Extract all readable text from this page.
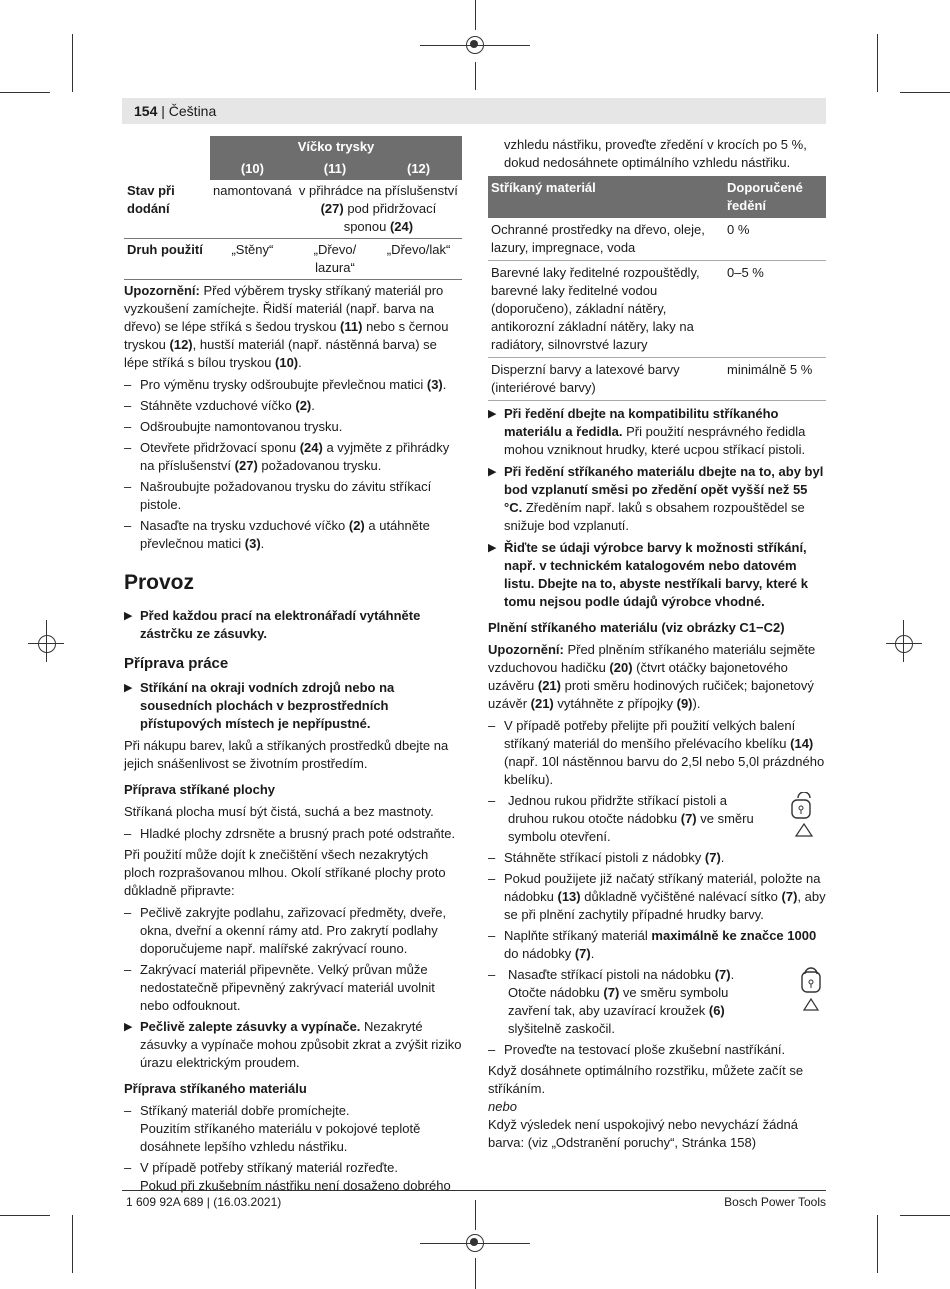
154 | Čeština
	Víčko trysky		
	(10)	(11)	(12)
Stav při dodání	namontovaná	v přihrádce na příslušenství (27) pod přidržovací sponou (24)	
Druh použití	„Stěny“	„Dřevo/ lazura“	„Dřevo/lak“

Upozornění: Před výběrem trysky stříkaný materiál pro vyzkoušení zamíchejte. Řidší materiál (např. barva na dřevo) se lépe stříká s šedou tryskou (11) nebo s černou tryskou (12), hustší materiál (např. nástěnná barva) se lépe stříká s bílou tryskou (10).

– Pro výměnu trysky odšroubujte převlečnou matici (3).
– Stáhněte vzduchové víčko (2).
– Odšroubujte namontovanou trysku.
– Otevřete přidržovací sponu (24) a vyjměte z přihrádky na příslušenství (27) požadovanou trysku.
– Našroubujte požadovanou trysku do závitu stříkací pistole.
– Nasaďte na trysku vzduchové víčko (2) a utáhněte převlečnou matici (3).
Provoz
▶ Před každou prací na elektronářadí vytáhněte zástrčku ze zásuvky.
Příprava práce
▶ Stříkání na okraji vodních zdrojů nebo na sousedních plochách v bezprostředních přístupových místech je nepřípustné.

Při nákupu barev, laků a stříkaných prostředků dbejte na jejich snášenlivost se životním prostředím.

Příprava stříkané plochy

Stříkaná plocha musí být čistá, suchá a bez mastnoty.

– Hladké plochy zdrsněte a brusný prach poté odstraňte.

Při použití může dojít k znečištění všech nezakrytých ploch rozprašovanou mlhou. Okolí stříkané plochy proto důkladně připravte:

– Pečlivě zakryjte podlahu, zařizovací předměty, dveře, okna, dveřní a okenní rámy atd. Pro zakrytí podlahy doporučujeme např. malířské zakrývací rouno.
– Zakrývací materiál připevněte. Velký průvan může nedostatečně připevněný zakrývací materiál uvolnit nebo odfouknout.
▶ Pečlivě zalepte zásuvky a vypínače. Nezakryté zásuvky a vypínače mohou způsobit zkrat a zvýšit riziko úrazu elektrickým proudem.
Příprava stříkaného materiálu
– Stříkaný materiál dobře promíchejte.
Pouzitím stříkaného materiálu v pokojové teplotě dosáhnete lepšího vzhledu nástřiku.
– V případě potřeby stříkaný materiál rozřeďte.
Pokud při zkušebním nástřiku není dosaženo dobrého

vzhledu nástřiku, proveďte zředění v krocích po 5 %, dokud nedosáhnete optimálního vzhledu nástřiku.

Stříkaný materiál	Doporučené ředění
Ochranné prostředky na dřevo, oleje, lazury, impregnace, voda	0 %
Barevné laky ředitelné rozpouštědly, barevné laky ředitelné vodou (doporučeno), základní nátěry, antikorozní základní nátěry, laky na radiátory, silnovrstvé lazury	0–5 %
Disperzní barvy a latexové barvy (interiérové barvy)	minimálně 5 %
▶ Při ředění dbejte na kompatibilitu stříkaného materiálu a ředidla. Při použití nesprávného ředidla mohou vzniknout hrudky, které ucpou stříkací pistoli.
▶ Při ředění stříkaného materiálu dbejte na to, aby byl bod vzplanutí směsi po zředění opět vyšší než 55 °C. Zředěním např. laků s obsahem rozpouštědel se snižuje bod vzplanutí.
▶ Řiďte se údaji výrobce barvy k možnosti stříkání, např. v technickém katalogovém nebo datovém listu. Dbejte na to, abyste nestříkali barvy, které k tomu nejsou podle údajů výrobce vhodné.
Plnění stříkaného materiálu (viz obrázky C1−C2)

Upozornění: Před plněním stříkaného materiálu sejměte vzduchovou hadičku (20) (čtvrt otáčky bajonetového uzávěru (21) proti směru hodinových ručiček; bajonetový uzávěr (21) vytáhněte z přípojky (9)).

– V případě potřeby přelijte při použití velkých balení stříkaný materiál do menšího přelévacího kbelíku (14) (např. 10l nástěnnou barvu do 2,5l nebo 5,0l prázdného kbelíku).
– Jednou rukou přidržte stříkací pistoli a druhou rukou otočte nádobku (7) ve směru symbolu otevření.
– Stáhněte stříkací pistoli z nádobky (7).
– Pokud použijete již načatý stříkaný materiál, položte na nádobku (13) důkladně vyčištěné nalévací sítko (7), aby se při plnění zachytily případné hrudky barvy.
– Naplňte stříkaný materiál maximálně ke značce 1000 do nádobky (7).
– Nasaďte stříkací pistoli na nádobku (7). Otočte nádobku (7) ve směru symbolu zavření tak, aby uzavírací kroužek (6) slyšitelně zaskočil.
– Proveďte na testovací ploše zkušební nastříkání.

Když dosáhnete optimálního rozstřiku, můžete začít se stříkáním.

nebo

Když výsledek není uspokojivý nebo nevychází žádná barva: (viz „Odstranění poruchy“, Stránka 158)

1 609 92A 689 | (16.03.2021)	Bosch Power Tools
